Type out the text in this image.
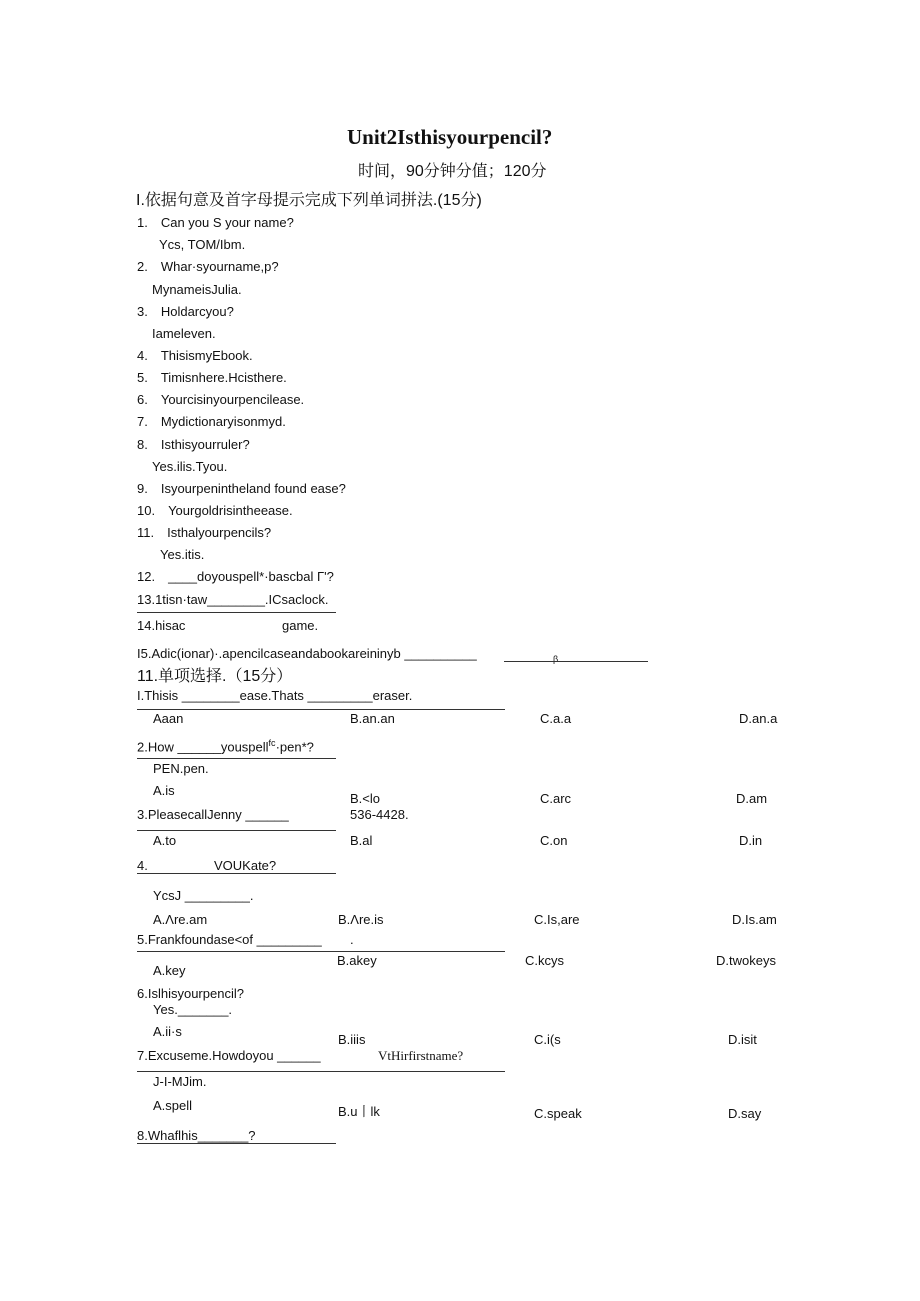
Unit2Isthisyourpencil?
时间，90分钟分值；120分
I.依据句意及首字母提示完成下列单词拼法.(15分)
1.　Can you S your name?
Ycs, TOM/Ibm.
2.　Whar·syourname,p?
MynameisJulia.
3.　Holdarcyou?
Iameleven.
4.　ThisismyEbook.
5.　Timisnhere.Hcisthere.
6.　Yourcisinyourpencilease.
7.　Mydictionaryisonmyd.
8.　Isthisyourruler?
Yes.ilis.Tyou.
9.　Isyourpenintheland found ease?
10.　Yourgoldrisintheease.
11.　Isthalyourpencils?
Yes.itis.
12.　____doyouspell*·bascbal Γ'?
13.1tisn·taw________.ICsaclock.
14.hisac	game.
I5.Adic(ionar)·.apencilcaseandabookareininyb __________	β
11.单项选择.（15分）
I.Thisis ________ease.Thats _________eraser.
Aaan	B.an.an	C.a.a	D.an.a
2.How ______youspell$^{fc}$·pen*?
PEN.pen.
A.is
B.<lo	C.arc	D.am
3.PleasecallJenny ______	536-4428.
A.to	B.al	C.on	D.in
4.	VOUKate?
YcsJ _________.
A.Λre.am	B.Λre.is	C.Is,are	D.Is.am
5.Frankfoundase<of _________ .
B.akey	C.kcys	D.twokeys
A.key
6.Islhisyourpencil?
Yes._______.
A.ii·s
B.iiis	C.i(s	D.isit
7.Excuseme.Howdoyou ______	VtHirfirstname?
J-I-MJim.
A.spell	B.u丨lk	C.speak	D.say
8.Whaflhis_______?
